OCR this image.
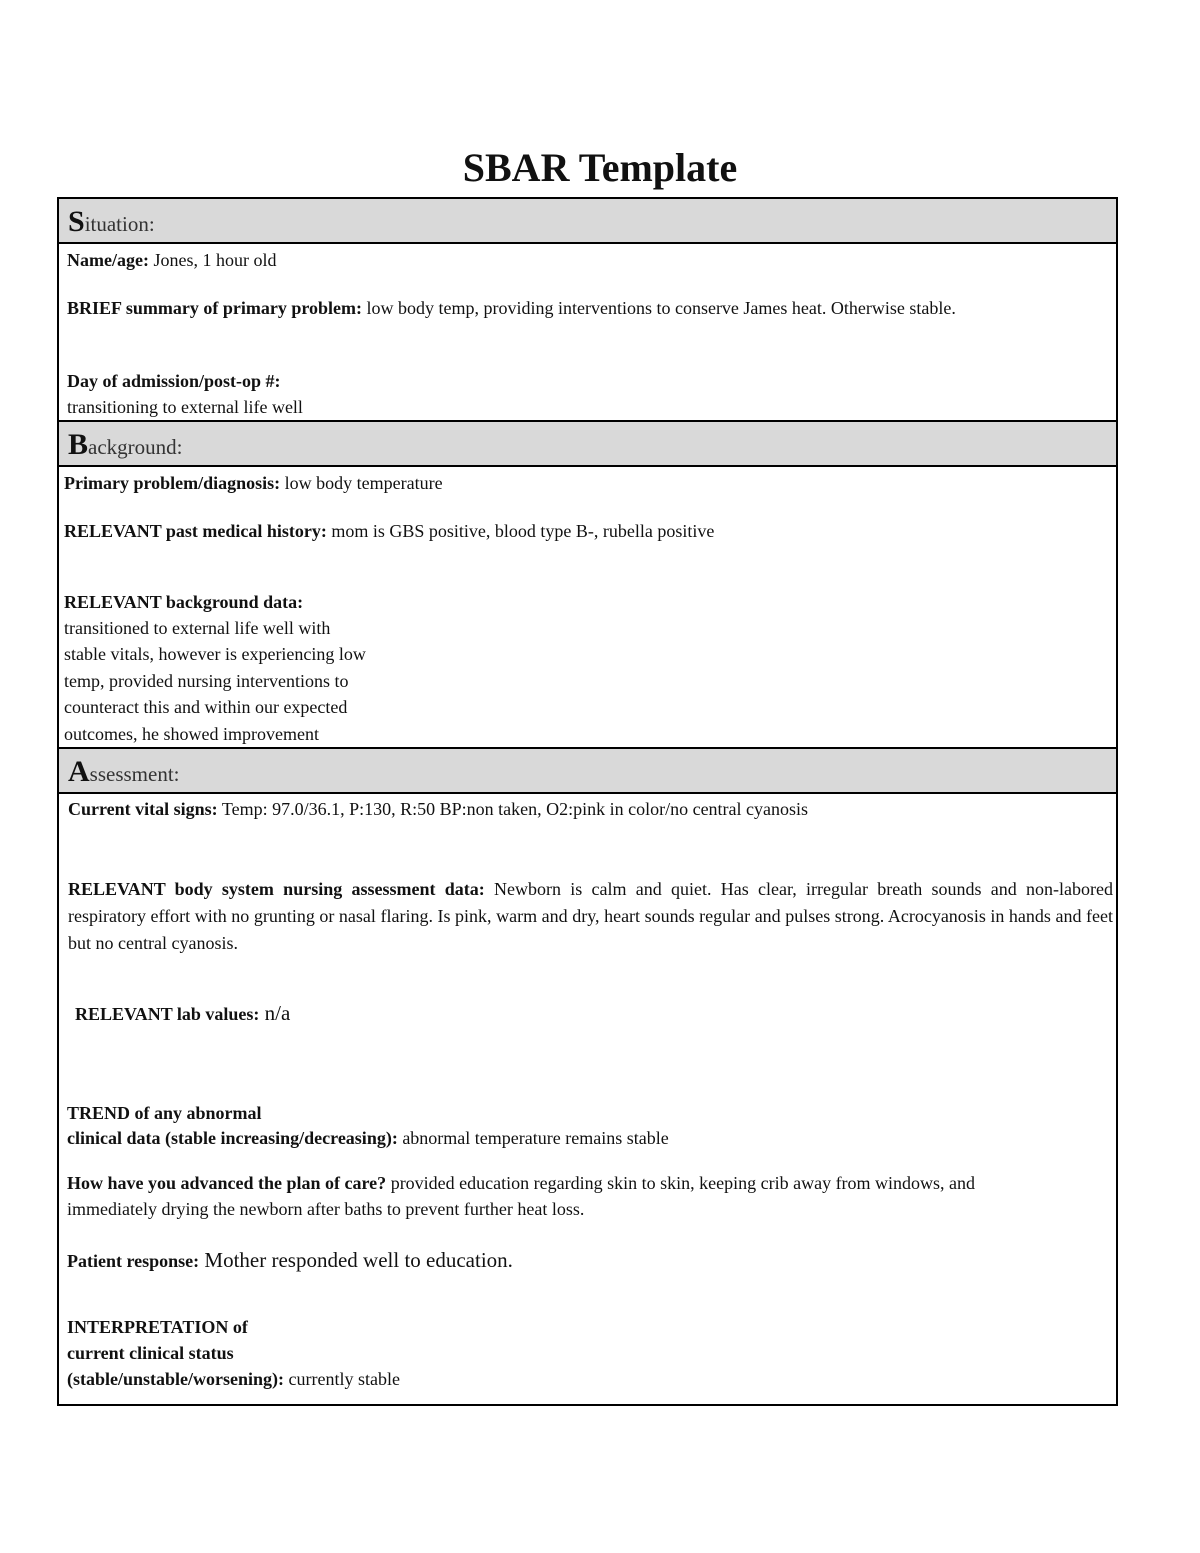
SBAR Template
Situation:
Name/age: Jones, 1 hour old
BRIEF summary of primary problem: low body temp, providing interventions to conserve James heat. Otherwise stable.
Day of admission/post-op #:
transitioning to external life well
Background:
Primary problem/diagnosis: low body temperature
RELEVANT past medical history: mom is GBS positive, blood type B-, rubella positive
RELEVANT background data:
transitioned to external life well with
stable vitals, however is experiencing low
temp, provided nursing interventions to
counteract this and within our expected
outcomes, he showed improvement
Assessment:
Current vital signs: Temp: 97.0/36.1, P:130, R:50 BP:non taken, O2:pink in color/no central cyanosis
RELEVANT body system nursing assessment data: Newborn is calm and quiet. Has clear, irregular breath sounds and non-labored respiratory effort with no grunting or nasal flaring. Is pink, warm and dry, heart sounds regular and pulses strong. Acrocyanosis in hands and feet but no central cyanosis.
RELEVANT lab values: n/a
TREND of any abnormal
clinical data (stable increasing/decreasing): abnormal temperature remains stable
How have you advanced the plan of care? provided education regarding skin to skin, keeping crib away from windows, and immediately drying the newborn after baths to prevent further heat loss.
Patient response: Mother responded well to education.
INTERPRETATION of
current clinical status
(stable/unstable/worsening): currently stable
